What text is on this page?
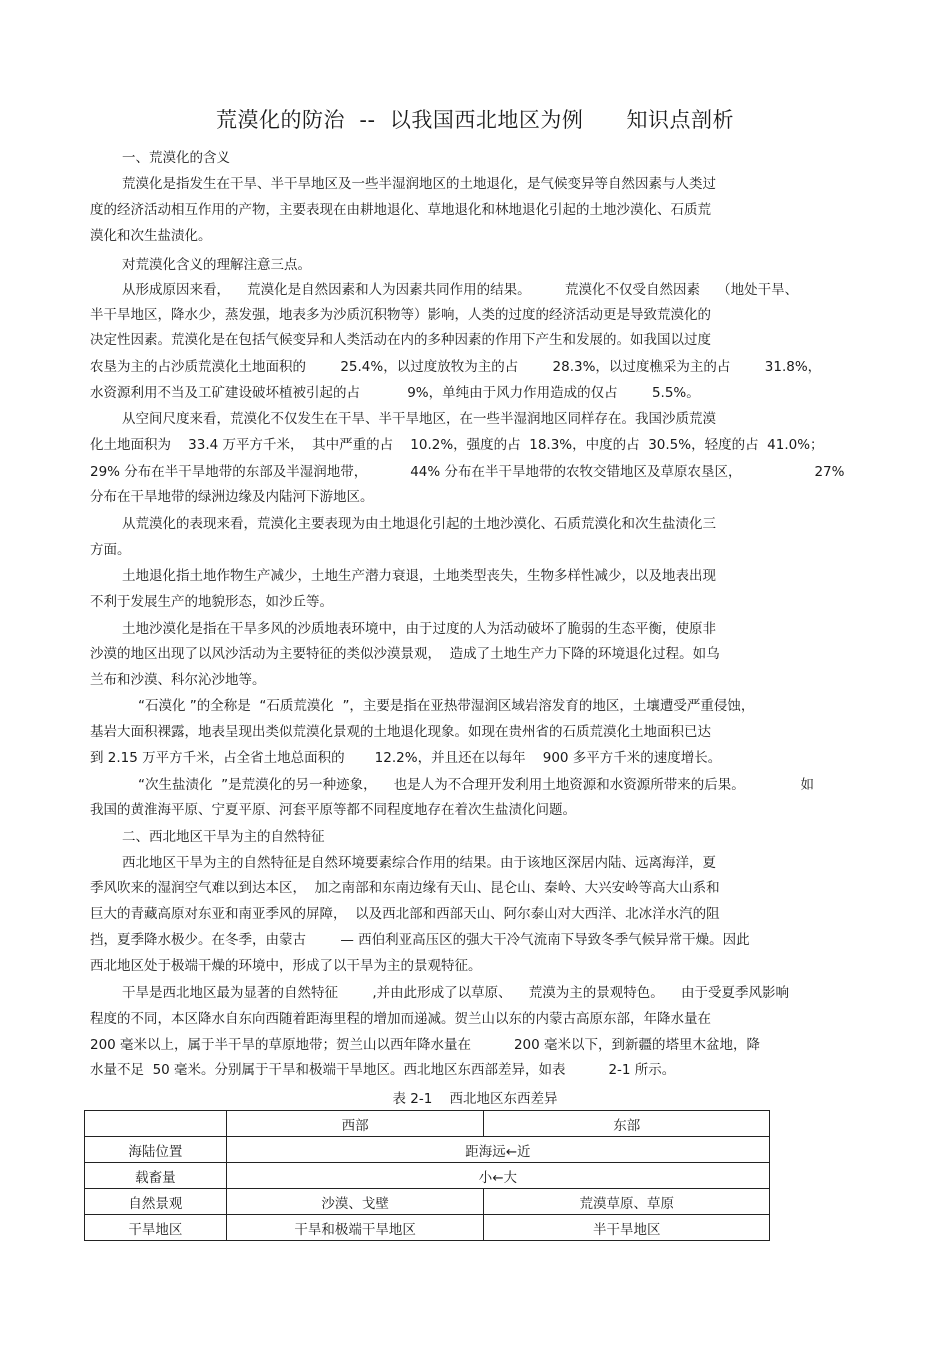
荒漠化的防治  --  以我国西北地区为例      知识点剖析
一、荒漠化的含义
荒漠化是指发生在干旱、半干旱地区及一些半湿润地区的土地退化，是气候变异等自然因素与人类过
度的经济活动相互作用的产物，主要表现在由耕地退化、草地退化和林地退化引起的土地沙漠化、石质荒
漠化和次生盐渍化。
对荒漠化含义的理解注意三点。
从形成原因来看，    荒漠化是自然因素和人为因素共同作用的结果。        荒漠化不仅受自然因素    （地处干旱、
半干旱地区，降水少，蒸发强，地表多为沙质沉积物等）影响，人类的过度的经济活动更是导致荒漠化的
决定性因素。荒漠化是在包括气候变异和人类活动在内的多种因素的作用下产生和发展的。如我国以过度
农垦为主的占沙质荒漠化土地面积的        25.4%，以过度放牧为主的占        28.3%，以过度樵采为主的占        31.8%，
水资源利用不当及工矿建设破坏植被引起的占           9%，单纯由于风力作用造成的仅占        5.5%。
从空间尺度来看，荒漠化不仅发生在干旱、半干旱地区，在一些半湿润地区同样存在。我国沙质荒漠
化土地面积为    33.4 万平方千米，  其中严重的占    10.2%，强度的占  18.3%，中度的占  30.5%，轻度的占  41.0%；
29% 分布在半干旱地带的东部及半湿润地带，          44% 分布在半干旱地带的农牧交错地区及草原农垦区，                 27%
分布在干旱地带的绿洲边缘及内陆河下游地区。
从荒漠化的表现来看，荒漠化主要表现为由土地退化引起的土地沙漠化、石质荒漠化和次生盐渍化三
方面。
土地退化指土地作物生产减少，土地生产潜力衰退，土地类型丧失，生物多样性减少，以及地表出现
不利于发展生产的地貌形态，如沙丘等。
土地沙漠化是指在干旱多风的沙质地表环境中，由于过度的人为活动破坏了脆弱的生态平衡，使原非
沙漠的地区出现了以风沙活动为主要特征的类似沙漠景观，  造成了土地生产力下降的环境退化过程。如乌
兰布和沙漠、科尔沁沙地等。
“石漠化 ”的全称是  “石质荒漠化  ”，主要是指在亚热带湿润区域岩溶发育的地区，土壤遭受严重侵蚀，
基岩大面积裸露，地表呈现出类似荒漠化景观的土地退化现象。如现在贵州省的石质荒漠化土地面积已达
到 2.15 万平方千米，占全省土地总面积的       12.2%，并且还在以每年    900 多平方千米的速度增长。
“次生盐渍化  ”是荒漠化的另一种迹象，    也是人为不合理开发利用土地资源和水资源所带来的后果。             如
我国的黄淮海平原、宁夏平原、河套平原等都不同程度地存在着次生盐渍化问题。
二、西北地区干旱为主的自然特征
西北地区干旱为主的自然特征是自然环境要素综合作用的结果。由于该地区深居内陆、远离海洋，夏
季风吹来的湿润空气难以到达本区，  加之南部和东南边缘有天山、昆仑山、秦岭、大兴安岭等高大山系和
巨大的青藏高原对东亚和南亚季风的屏障，  以及西北部和西部天山、阿尔泰山对大西洋、北冰洋水汽的阻
挡，夏季降水极少。在冬季，由蒙古        — 西伯利亚高压区的强大干冷气流南下导致冬季气候异常干燥。因此
西北地区处于极端干燥的环境中，形成了以干旱为主的景观特征。
干旱是西北地区最为显著的自然特征        ,并由此形成了以草原、    荒漠为主的景观特色。    由于受夏季风影响
程度的不同，本区降水自东向西随着距海里程的增加而递减。贺兰山以东的内蒙古高原东部，年降水量在
200 毫米以上，属于半干旱的草原地带；贺兰山以西年降水量在          200 毫米以下，到新疆的塔里木盆地，降
水量不足  50 毫米。分别属于干旱和极端干旱地区。西北地区东西部差异，如表          2-1 所示。
表 2-1    西北地区东西差异
	西部	东部
海陆位置	距海远←近	
载畜量	小←大	
自然景观	沙漠、戈壁	荒漠草原、草原
干旱地区	干旱和极端干旱地区	半干旱地区
